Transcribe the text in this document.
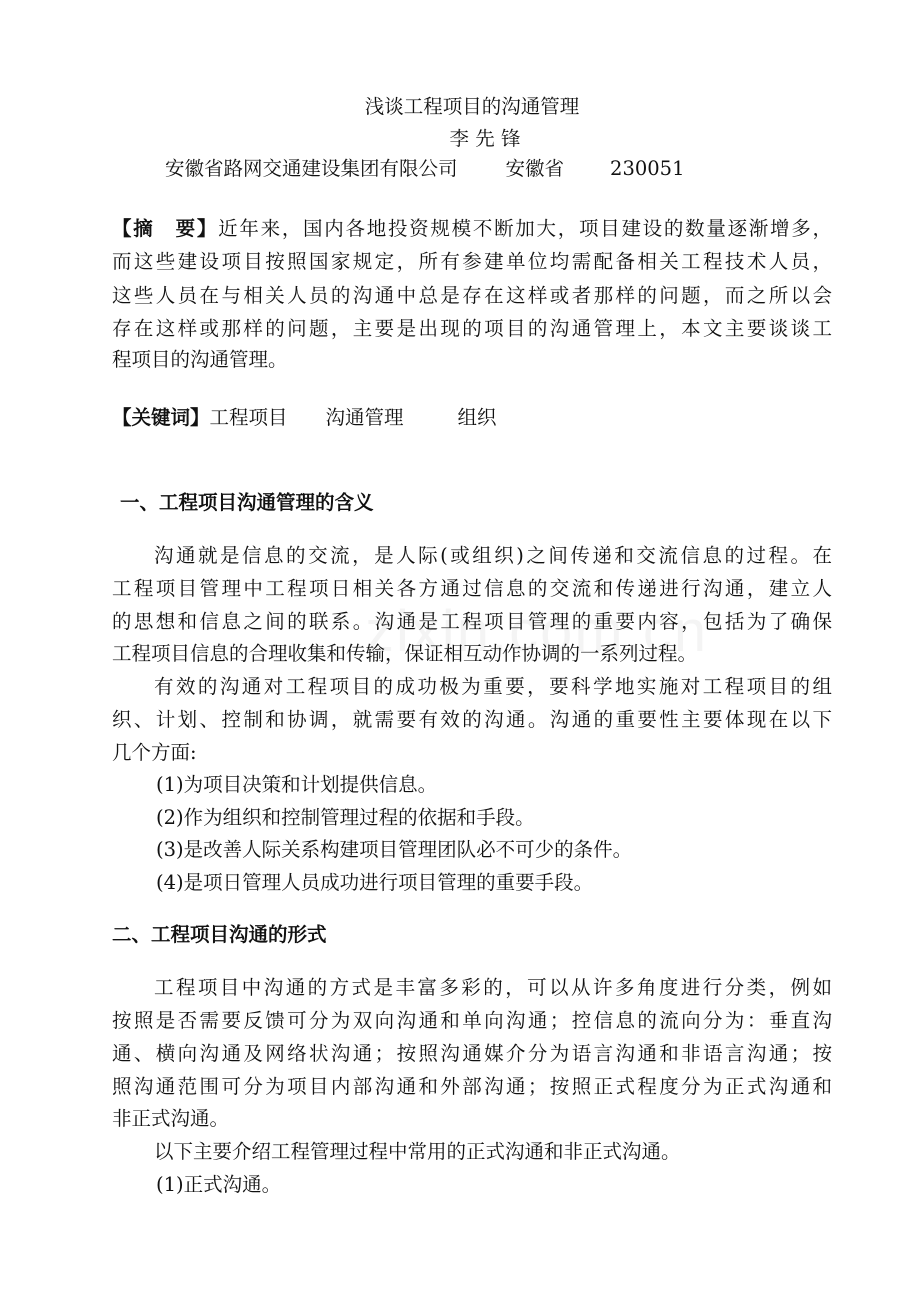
浅谈工程项目的沟通管理
李 先 锋
安徽省路网交通建设集团有限公司 安徽省 230051
【摘　要】近年来，国内各地投资规模不断加大，项目建设的数量逐渐增多，
而这些建设项目按照国家规定，所有参建单位均需配备相关工程技术人员，
这些人员在与相关人员的沟通中总是存在这样或者那样的问题，而之所以会
存在这样或那样的问题，主要是出现的项目的沟通管理上，本文主要谈谈工
程项目的沟通管理。
【关键词】工程项目 沟通管理	组织
一、工程项目沟通管理的含义
沟通就是信息的交流，是人际(或组织)之间传递和交流信息的过程。在
工程项目管理中工程项日相关各方通过信息的交流和传递进行沟通，建立人
的思想和信息之间的联系。沟通是工程项目管理的重要内容，包括为了确保
工程项目信息的合理收集和传输，保证相互动作协调的一系列过程。
有效的沟通对工程项目的成功极为重要，要科学地实施对工程项目的组
织、计划、控制和协调，就需要有效的沟通。沟通的重要性主要体现在以下
几个方面:
(1)为项目决策和计划提供信息。
(2)作为组织和控制管理过程的依据和手段。
(3)是改善人际关系构建项目管理团队必不可少的条件。
(4)是项日管理人员成功进行项目管理的重要手段。
二、工程项目沟通的形式
工程项目中沟通的方式是丰富多彩的，可以从许多角度进行分类，例如
按照是否需要反馈可分为双向沟通和单向沟通；控信息的流向分为：垂直沟
通、横向沟通及网络状沟通；按照沟通媒介分为语言沟通和非语言沟通；按
照沟通范围可分为项目内部沟通和外部沟通；按照正式程度分为正式沟通和
非正式沟通。
以下主要介绍工程管理过程中常用的正式沟通和非正式沟通。
(1)正式沟通。
